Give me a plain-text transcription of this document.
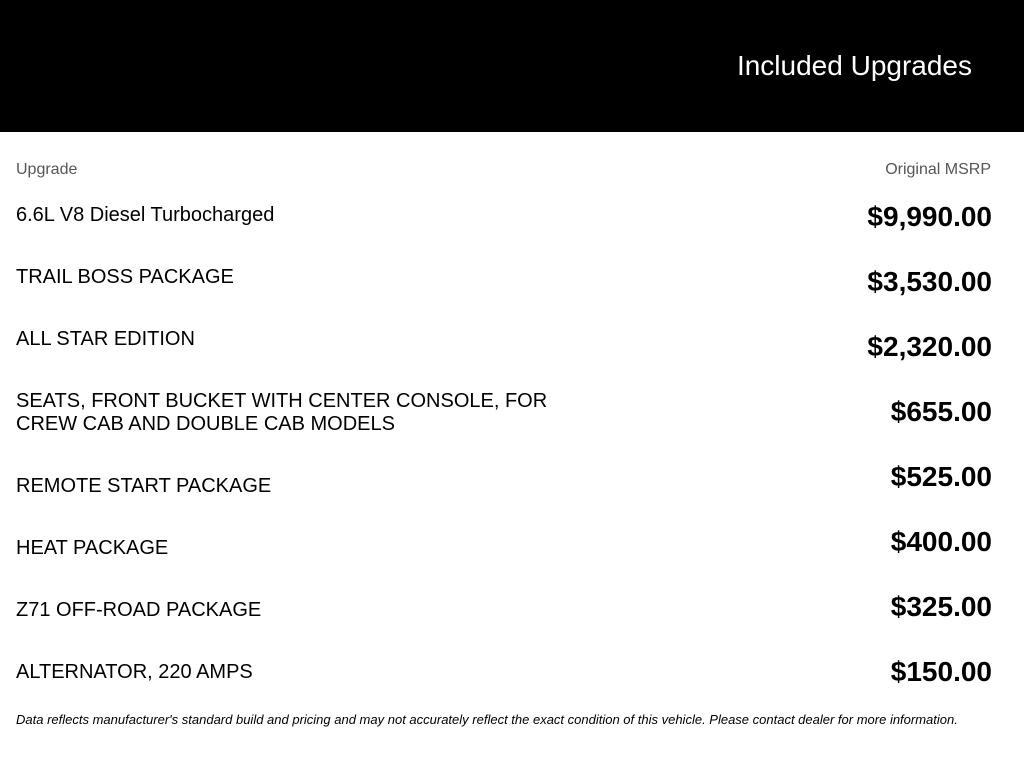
Included Upgrades
Upgrade	Original MSRP
6.6L V8 Diesel Turbocharged	$9,990.00
TRAIL BOSS PACKAGE	$3,530.00
ALL STAR EDITION	$2,320.00
SEATS, FRONT BUCKET WITH CENTER CONSOLE, FOR CREW CAB AND DOUBLE CAB MODELS	$655.00
REMOTE START PACKAGE	$525.00
HEAT PACKAGE	$400.00
Z71 OFF-ROAD PACKAGE	$325.00
ALTERNATOR, 220 AMPS	$150.00
Data reflects manufacturer's standard build and pricing and may not accurately reflect the exact condition of this vehicle. Please contact dealer for more information.
